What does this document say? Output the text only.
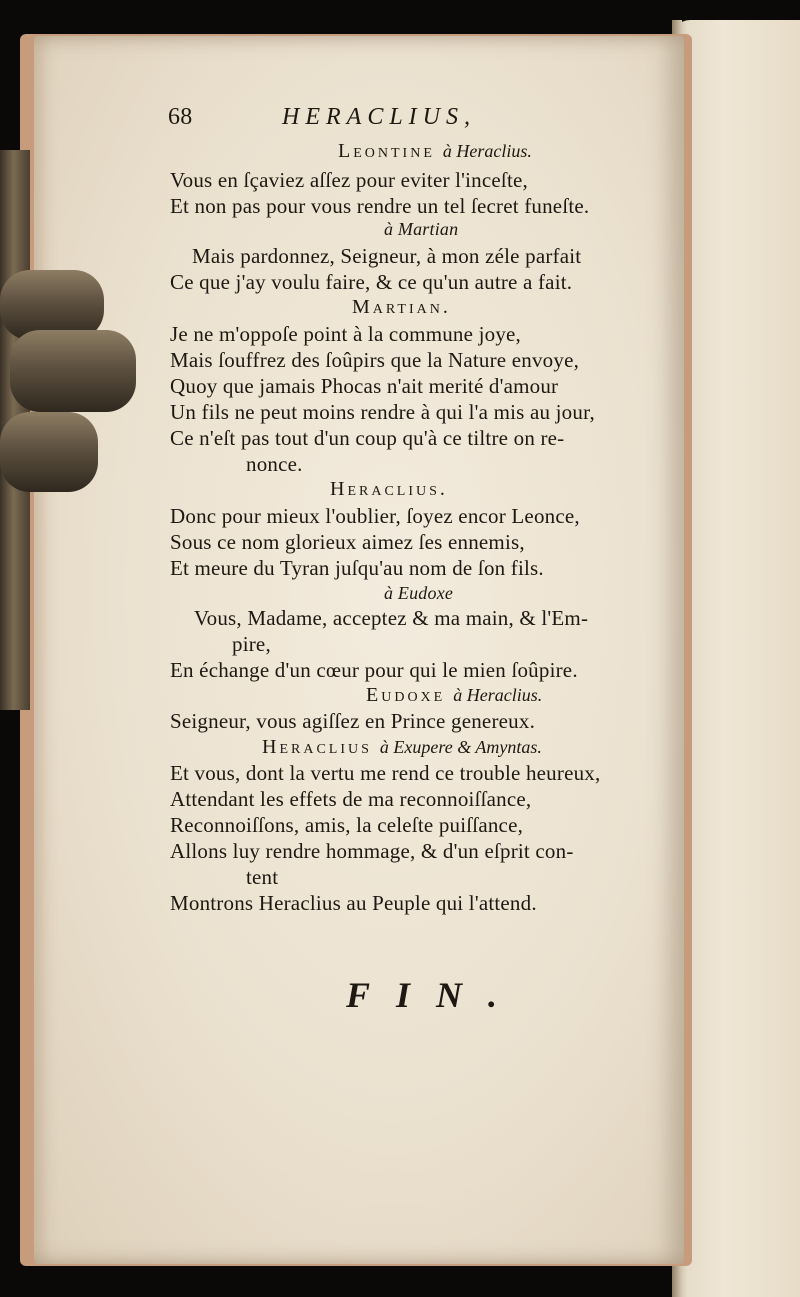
68	HERACLIUS,
Leontine à Heraclius.
Vous en ſçaviez aſſez pour eviter l'inceſte,
Et non pas pour vous rendre un tel ſecret funeſte.
à Martian
Mais pardonnez, Seigneur, à mon zéle parfait
Ce que j'ay voulu faire, & ce qu'un autre a fait.
Martian.
Je ne m'oppoſe point à la commune joye,
Mais ſouffrez des ſoûpirs que la Nature envoye,
Quoy que jamais Phocas n'ait merité d'amour
Un fils ne peut moins rendre à qui l'a mis au jour,
Ce n'eſt pas tout d'un coup qu'à ce tiltre on re-
nonce.
Heraclius.
Donc pour mieux l'oublier, ſoyez encor Leonce,
Sous ce nom glorieux aimez ſes ennemis,
Et meure du Tyran juſqu'au nom de ſon fils.
à Eudoxe
Vous, Madame, acceptez & ma main, & l'Em-
pire,
En échange d'un cœur pour qui le mien ſoûpire.
Eudoxe à Heraclius.
Seigneur, vous agiſſez en Prince genereux.
Heraclius à Exupere & Amyntas.
Et vous, dont la vertu me rend ce trouble heureux,
Attendant les effets de ma reconnoiſſance,
Reconnoiſſons, amis, la celeſte puiſſance,
Allons luy rendre hommage, & d'un eſprit con-
tent
Montrons Heraclius au Peuple qui l'attend.
FIN.
